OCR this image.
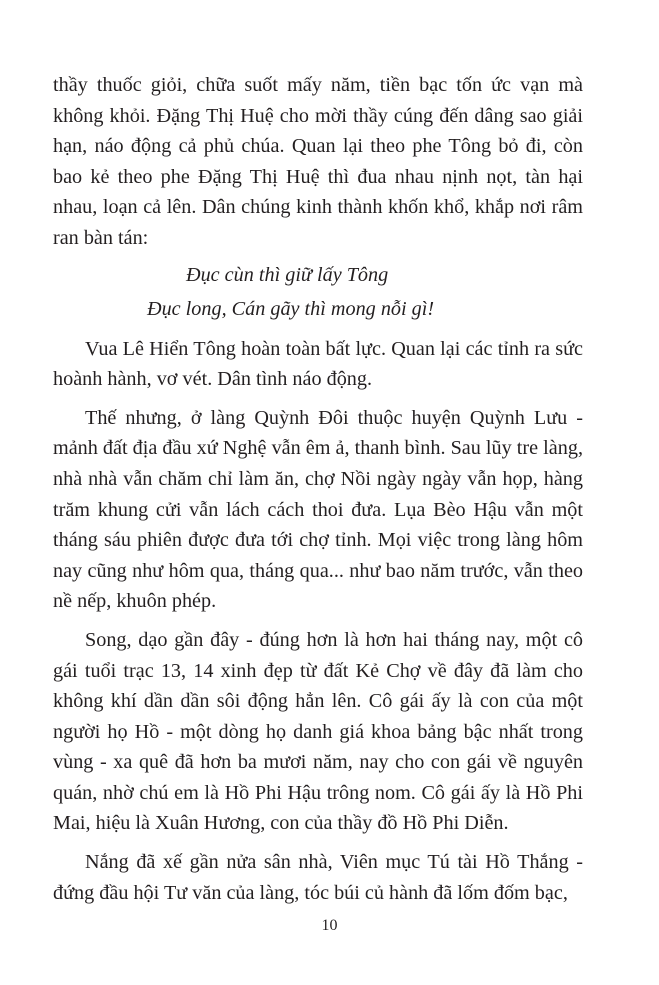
thầy thuốc giỏi, chữa suốt mấy năm, tiền bạc tốn ức vạn mà không khỏi. Đặng Thị Huệ cho mời thầy cúng đến dâng sao giải hạn, náo động cả phủ chúa. Quan lại theo phe Tông bỏ đi, còn bao kẻ theo phe Đặng Thị Huệ thì đua nhau nịnh nọt, tàn hại nhau, loạn cả lên. Dân chúng kinh thành khốn khổ, khắp nơi râm ran bàn tán:

Đục cùn thì giữ lấy Tông
Đục long, Cán gãy thì mong nỗi gì!

Vua Lê Hiển Tông hoàn toàn bất lực. Quan lại các tỉnh ra sức hoành hành, vơ vét. Dân tình náo động.

Thế nhưng, ở làng Quỳnh Đôi thuộc huyện Quỳnh Lưu - mảnh đất địa đầu xứ Nghệ vẫn êm ả, thanh bình. Sau lũy tre làng, nhà nhà vẫn chăm chỉ làm ăn, chợ Nồi ngày ngày vẫn họp, hàng trăm khung cửi vẫn lách cách thoi đưa. Lụa Bèo Hậu vẫn một tháng sáu phiên được đưa tới chợ tỉnh. Mọi việc trong làng hôm nay cũng như hôm qua, tháng qua... như bao năm trước, vẫn theo nề nếp, khuôn phép.

Song, dạo gần đây - đúng hơn là hơn hai tháng nay, một cô gái tuổi trạc 13, 14 xinh đẹp từ đất Kẻ Chợ về đây đã làm cho không khí dần dần sôi động hẳn lên. Cô gái ấy là con của một người họ Hồ - một dòng họ danh giá khoa bảng bậc nhất trong vùng - xa quê đã hơn ba mươi năm, nay cho con gái về nguyên quán, nhờ chú em là Hồ Phi Hậu trông nom. Cô gái ấy là Hồ Phi Mai, hiệu là Xuân Hương, con của thầy đồ Hồ Phi Diễn.

Nắng đã xế gần nửa sân nhà, Viên mục Tú tài Hồ Thắng - đứng đầu hội Tư văn của làng, tóc búi củ hành đã lốm đốm bạc,

10
